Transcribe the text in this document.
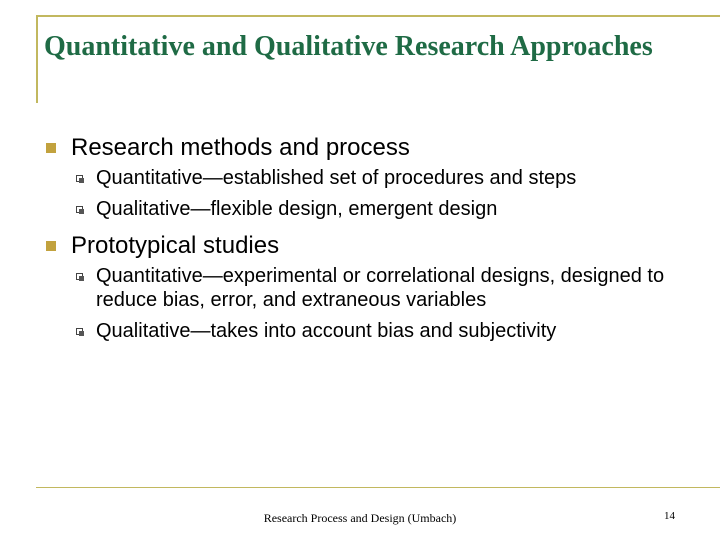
Quantitative and Qualitative Research Approaches
Research methods and process
Quantitative—established set of procedures and steps
Qualitative—flexible design, emergent design
Prototypical studies
Quantitative—experimental or correlational designs, designed to reduce bias, error, and extraneous variables
Qualitative—takes into account bias and subjectivity
Research Process and Design (Umbach)	14
